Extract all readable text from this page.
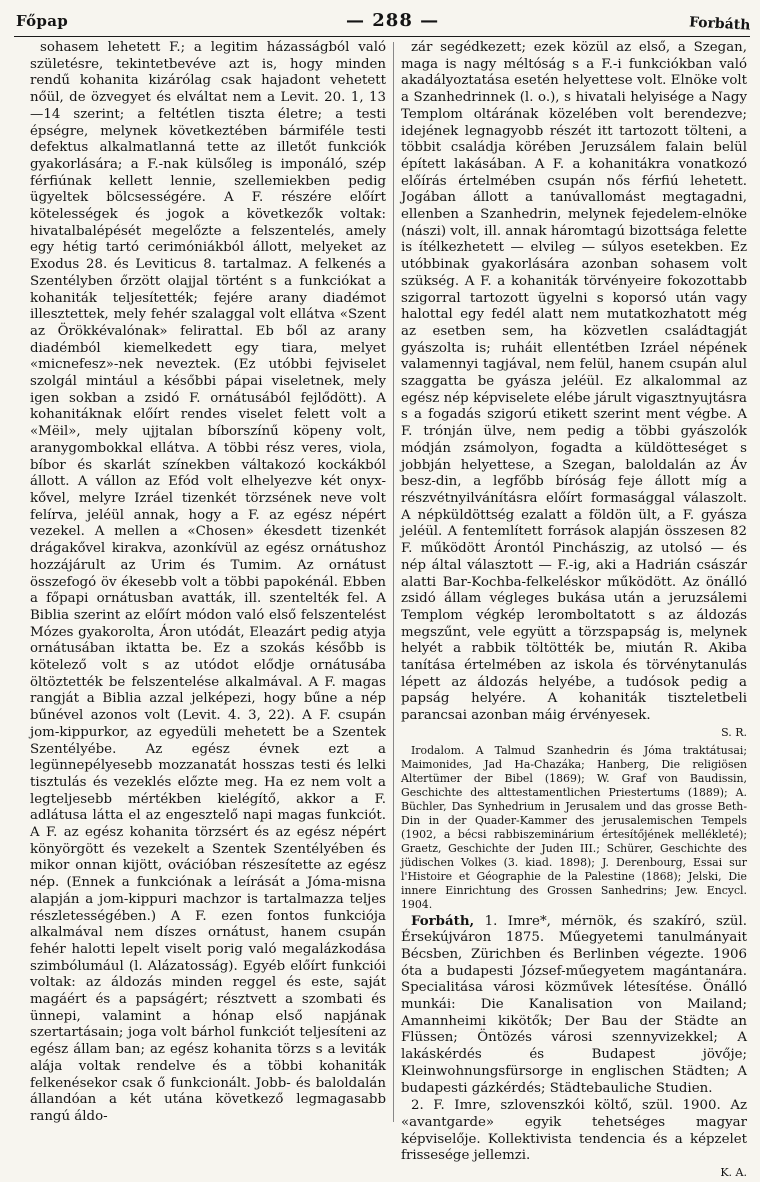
Főpap	— 288 —	Forbáth

sohasem lehetett F.; a legitim házasságból való születésre, tekintetbevéve azt is, hogy minden rendű kohanita kizárólag csak hajadont vehetett nőül, de özvegyet és elváltat nem a Levit. 20. 1, 13—14 szerint; a feltétlen tiszta életre; a testi épségre, melynek következtében bármiféle testi defektus alkalmatlanná tette az illetőt funkciók gyakorlására; a F.-nak külsőleg is imponáló, szép férfiúnak kellett lennie, szellemiekben pedig ügyeltek bölcsességére. A F. részére előírt kötelességek és jogok a következők voltak: hivatalbalépését megelőzte a felszentelés, amely egy hétig tartó cerimóniákból állott, melyeket az Exodus 28. és Leviticus 8. tartalmaz. A felkenés a Szentélyben őrzött olajjal történt s a funkciókat a kohaniták teljesítették; fejére arany diadémot illesztettek, mely fehér szalaggal volt ellátva «Szent az Örökkévalónak» felirattal. Eb ből az arany diadémból kiemelkedett egy tiara, melyet «micnefesz»-nek neveztek. (Ez utóbbi fejviselet szolgál mintául a későbbi pápai viseletnek, mely igen sokban a zsidó F. ornátusából fejlődött). A kohanitáknak előírt rendes viselet felett volt a «Mëil», mely ujjtalan bíborszínű köpeny volt, aranygombokkal ellátva. A többi rész veres, viola, bíbor és skarlát színekben váltakozó kockákból állott. A vállon az Efód volt elhelyezve két onyx-kővel, melyre Izráel tizenkét törzsének neve volt felírva, jeléül annak, hogy a F. az egész népért vezekel. A mellen a «Chosen» ékesdett tizenkét drágakővel kirakva, azonkívül az egész ornátushoz hozzájárult az Urim és Tumim. Az ornátust összefogó öv ékesebb volt a többi papokénál. Ebben a főpapi ornátusban avatták, ill. szentelték fel. A Biblia szerint az előírt módon való első felszentelést Mózes gyakorolta, Áron utódát, Eleazárt pedig atyja ornátusában iktatta be. Ez a szokás később is kötelező volt s az utódot elődje ornátusába öltöztették be felszentelése alkalmával. A F. magas rangját a Biblia azzal jelképezi, hogy bűne a nép bűnével azonos volt (Levit. 4. 3, 22). A F. csupán jom-kippurkor, az egyedüli mehetett be a Szentek Szentélyébe. Az egész évnek ezt a legünnepélyesebb mozzanatát hosszas testi és lelki tisztulás és vezeklés előzte meg. Ha ez nem volt a legteljesebb mértékben kielégítő, akkor a F. adlátusa látta el az engesztelő napi magas funkciót. A F. az egész kohanita törzsért és az egész népért könyörgött és vezekelt a Szentek Szentélyében és mikor onnan kijött, ovációban részesítette az egész nép. (Ennek a funkciónak a leírását a Jóma-misna alapján a jom-kippuri machzor is tartalmazza teljes részletességében.) A F. ezen fontos funkciója alkalmával nem díszes ornátust, hanem csupán fehér halotti lepelt viselt porig való megalázkodása szimbólumául (l. Alázatosság). Egyéb előírt funkciói voltak: az áldozás minden reggel és este, saját magáért és a papságért; résztvett a szombati és ünnepi, valamint a hónap első napjának szertartásain; joga volt bárhol funkciót teljesíteni az egész állam ban; az egész kohanita törzs s a leviták alája voltak rendelve és a többi kohaniták felkenésekor csak ő funkcionált. Jobb- és baloldalán állandóan a két utána következő legmagasabb rangú áldo-

zár segédkezett; ezek közül az első, a Szegan, maga is nagy méltóság s a F.-i funkciókban való akadályoztatása esetén helyettese volt. Elnöke volt a Szanhedrinnek (l. o.), s hivatali helyisége a Nagy Templom oltárának közelében volt berendezve; idejének legnagyobb részét itt tartozott tölteni, a többit családja körében Jeruzsálem falain belül épített lakásában. A F. a kohanitákra vonatkozó előírás értelmében csupán nős férfiú lehetett. Jogában állott a tanúvallomást megtagadni, ellenben a Szanhedrin, melynek fejedelem-elnöke (nászi) volt, ill. annak háromtagú bizottsága felette is ítélkezhetett — elvileg — súlyos esetekben. Ez utóbbinak gyakorlására azonban sohasem volt szükség. A F. a kohaniták törvényeire fokozottabb szigorral tartozott ügyelni s koporsó után vagy halottal egy fedél alatt nem mutatkozhatott még az esetben sem, ha közvetlen családtagját gyászolta is; ruháit ellentétben Izráel népének valamennyi tagjával, nem felül, hanem csupán alul szaggatta be gyásza jeléül. Ez alkalommal az egész nép képviselete elébe járult vigasztnyujtásra s a fogadás szigorú etikett szerint ment végbe. A F. trónján ülve, nem pedig a többi gyászolók módján zsámolyon, fogadta a küldötteséget s jobbján helyettese, a Szegan, baloldalán az Áv besz-din, a legfőbb bíróság feje állott míg a részvétnyilvánításra előírt formasággal válaszolt. A népküldöttség ezalatt a földön ült, a F. gyásza jeléül. A fentemlített források alapján összesen 82 F. működött Árontól Pinchászig, az utolsó — és nép által választott — F.-ig, aki a Hadrián császár alatti Bar-Kochba-felkeléskor működött. Az önálló zsidó állam végleges bukása után a jeruzsálemi Templom végkép leromboltatott s az áldozás megszűnt, vele együtt a törzspapság is, melynek helyét a rabbik töltötték be, miután R. Akiba tanítása értelmében az iskola és törvénytanulás lépett az áldozás helyébe, a tudósok pedig a papság helyére. A kohaniták tiszteletbeli parancsai azonban máig érvényesek.

S. R.

Irodalom. A Talmud Szanhedrin és Jóma traktátusai; Maimonides, Jad Ha-Chazáka; Hanberg, Die religiösen Altertümer der Bibel (1869); W. Graf von Baudissin, Geschichte des alttestamentlichen Priestertums (1889); A. Büchler, Das Synhedrium in Jerusalem und das grosse Beth-Din in der Quader-Kammer des jerusalemischen Tempels (1902, a bécsi rabbiszeminárium értesítőjének mellékleté); Graetz, Geschichte der Juden III.; Schürer, Geschichte des jüdischen Volkes (3. kiad. 1898); J. Derenbourg, Essai sur l'Histoire et Géographie de la Palestine (1868); Jelski, Die innere Einrichtung des Grossen Sanhedrins; Jew. Encycl. 1904.

Forbáth, 1. Imre*, mérnök, és szakíró, szül. Érsekújváron 1875. Műegyetemi tanulmányait Bécsben, Zürichben és Berlinben végezte. 1906 óta a budapesti József-műegyetem magántanára. Specialitása városi közművek létesítése. Önálló munkái: Die Kanalisation von Mailand; Amannheimi kikötők; Der Bau der Städte an Flüssen; Öntözés városi szennyvizekkel; A lakáskérdés és Budapest jövője; Kleinwohnungsfürsorge in englischen Städten; A budapesti gázkérdés; Städtebauliche Studien.

2. F. Imre, szlovenszkói költő, szül. 1900. Az «avantgarde» egyik tehetséges magyar képviselője. Kollektivista tendencia és a képzelet frissesége jellemzi.

K. A.
